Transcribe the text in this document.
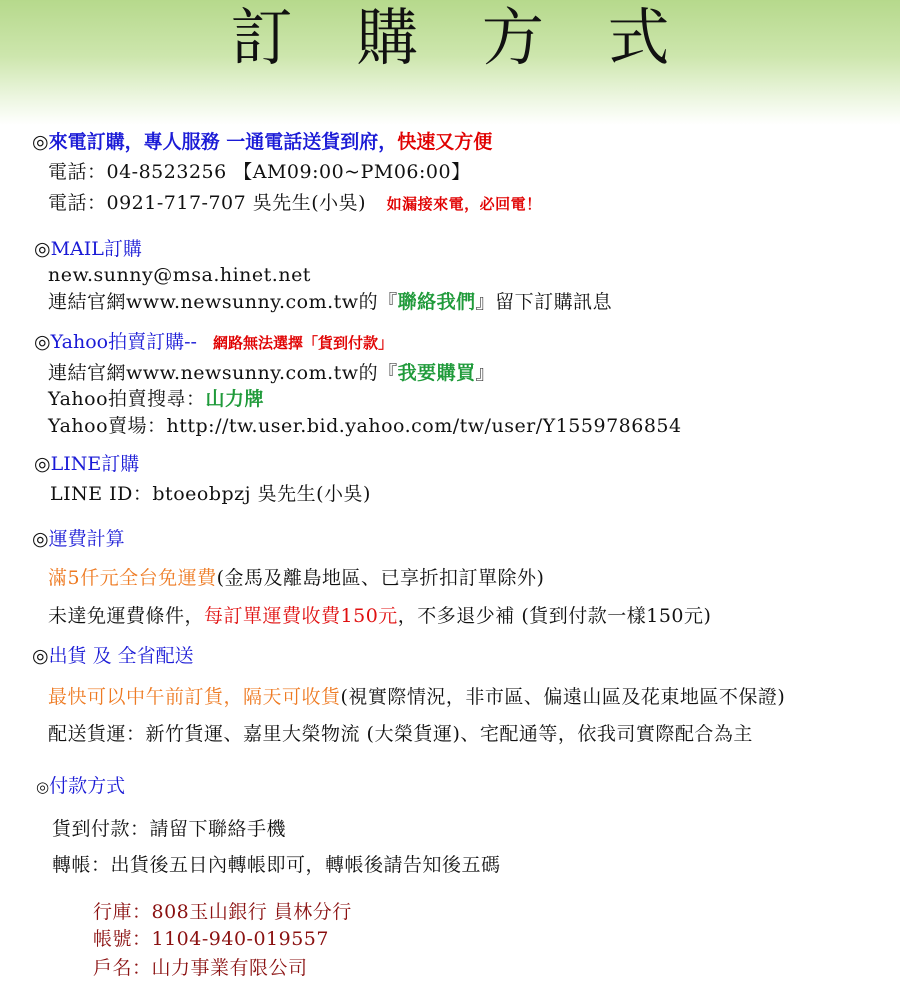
訂 購 方 式
◎來電訂購，專人服務 一通電話送貨到府，快速又方便
電話：04-8523256 【AM09:00~PM06:00】
電話：0921-717-707 吳先生(小吳) 如漏接來電，必回電！
◎MAIL訂購
new.sunny@msa.hinet.net
連結官網www.newsunny.com.tw的『聯絡我們』留下訂購訊息
◎Yahoo拍賣訂購-- 網路無法選擇「貨到付款」
連結官網www.newsunny.com.tw的『我要購買』
Yahoo拍賣搜尋：山力牌
Yahoo賣場：http://tw.user.bid.yahoo.com/tw/user/Y1559786854
◎LINE訂購
LINE ID：btoeobpzj 吳先生(小吳)
◎運費計算
滿5仟元全台免運費(金馬及離島地區、已享折扣訂單除外)
未達免運費條件，每訂單運費收費150元，不多退少補 (貨到付款一樣150元)
◎出貨 及 全省配送
最快可以中午前訂貨，隔天可收貨(視實際情況，非市區、偏遠山區及花東地區不保證)
配送貨運：新竹貨運、嘉里大榮物流 (大榮貨運)、宅配通等，依我司實際配合為主
◎付款方式
貨到付款：請留下聯絡手機
轉帳：出貨後五日內轉帳即可，轉帳後請告知後五碼
行庫：808玉山銀行 員林分行
帳號：1104-940-019557
戶名：山力事業有限公司
